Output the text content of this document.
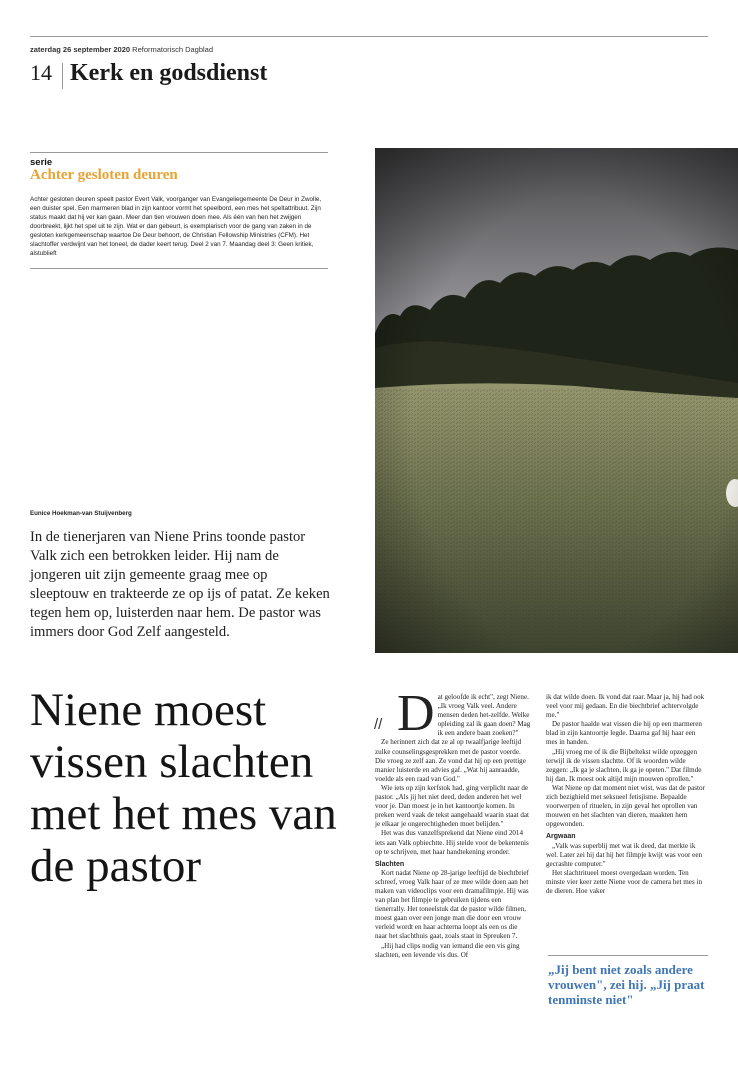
zaterdag 26 september 2020 Reformatorisch Dagblad
14 Kerk en godsdienst
serie
Achter gesloten deuren
Achter gesloten deuren speelt pastor Evert Valk, voorganger van Evangeliegemeente De Deur in Zwolle, een duister spel. Een marmeren blad in zijn kantoor vormt het speelbord, een mes het speltattribuut. Zijn status maakt dat hij ver kan gaan. Meer dan tien vrouwen doen mee. Als één van hen het zwijgen doorbreekt, lijkt het spel uit te zijn. Wat er dan gebeurt, is exemplarisch voor de gang van zaken in de gesloten kerkgemeenschap waartoe De Deur behoort, de Christian Fellowship Ministries (CFM). Het slachtoffer verdwijnt van het toneel, de dader keert terug. Deel 2 van 7. Maandag deel 3: Geen kritiek, alstublieft
Eunice Hoekman-van Stuijvenberg
In de tienerjaren van Niene Prins toonde pastor Valk zich een betrokken leider. Hij nam de jongeren uit zijn gemeente graag mee op sleeptouw en trakteerde ze op ijs of patat. Ze keken tegen hem op, luisterden naar hem. De pastor was immers door God Zelf aangesteld.
Niene moest vissen slachten met het mes van de pastor
// D at geloofde ik echt", zegt Niene. „Ik vroeg Valk veel. Andere mensen deden het-zelfde. Welke opleiding zal ik gaan doen? Mag ik een andere baan zoeken?"

Ze herinnert zich dat ze al op twaalfjarige leeftijd zulke counselingsgesprekken met de pastor voerde. Die vroeg ze zelf aan. Ze vond dat hij op een prettige manier luisterde en advies gaf. „Wat hij aanraadde, voelde als een raad van God."

Wie iets op zijn kerfstok had, ging verplicht naar de pastor. „Als jij het niet deed, deden anderen het wel voor je. Dan moest je in het kantoortje komen. In preken werd vaak de tekst aangehaald waarin staat dat je elkaar je ongerechtigheden moet belijden."

Het was dus vanzelfsprekend dat Niene eind 2014 iets aan Valk opbiechtte. Hij stelde voor de bekentenis op te schrijven, met haar handtekening eronder.

Slachten

Kort nadat Niene op 28-jarige leeftijd de biechtbrief schreef, vroeg Valk haar of ze mee wilde doen aan het maken van videoclips voor een dramafilmpje. Hij was van plan het filmpje te gebruiken tijdens een tienerrally. Het toneelstuk dat de pastor wilde filmen, moest gaan over een jonge man die door een vrouw verleid wordt en haar achterna loopt als een os die naar het slachthuis gaat, zoals staat in Spreuken 7.

„Hij had clips nodig van iemand die een vis ging slachten, een levende vis dus. Of

ik dat wilde doen. Ik vond dat raar. Maar ja, hij had ook veel voor mij gedaan. En die biechtbrief achtervolgde me."

De pastor haalde wat vissen die hij op een marmeren blad in zijn kantoortje legde. Daarna gaf hij haar een mes in handen.

„Hij vroeg me of ik die Bijbeltekst wilde opzeggen terwijl ik de vissen slachtte. Of ik woorden wilde zeggen: „Ik ga je slachten, ik ga je opeten." Dat filmde hij dan. Ik moest ook altijd mijn mouwen oprollen."

Wat Niene op dat moment niet wist, was dat de pastor zich bezighield met seksueel fetisjisme. Bepaalde voorwerpen of rituelen, in zijn geval het oprollen van mouwen en het slachten van dieren, maakten hem opgewonden.

Argwaan

„Valk was superblij met wat ik deed, dat merkte ik wel. Later zei hij dat hij het filmpje kwijt was voor een gecrashte computer."

Het slachtritueel moest overgedaan worden. Ten minste vier keer zette Niene voor de camera het mes in de dieren. Hoe vaker

„Jij bent niet zoals andere vrouwen", zei hij. „Jij praat tenminste niet"
